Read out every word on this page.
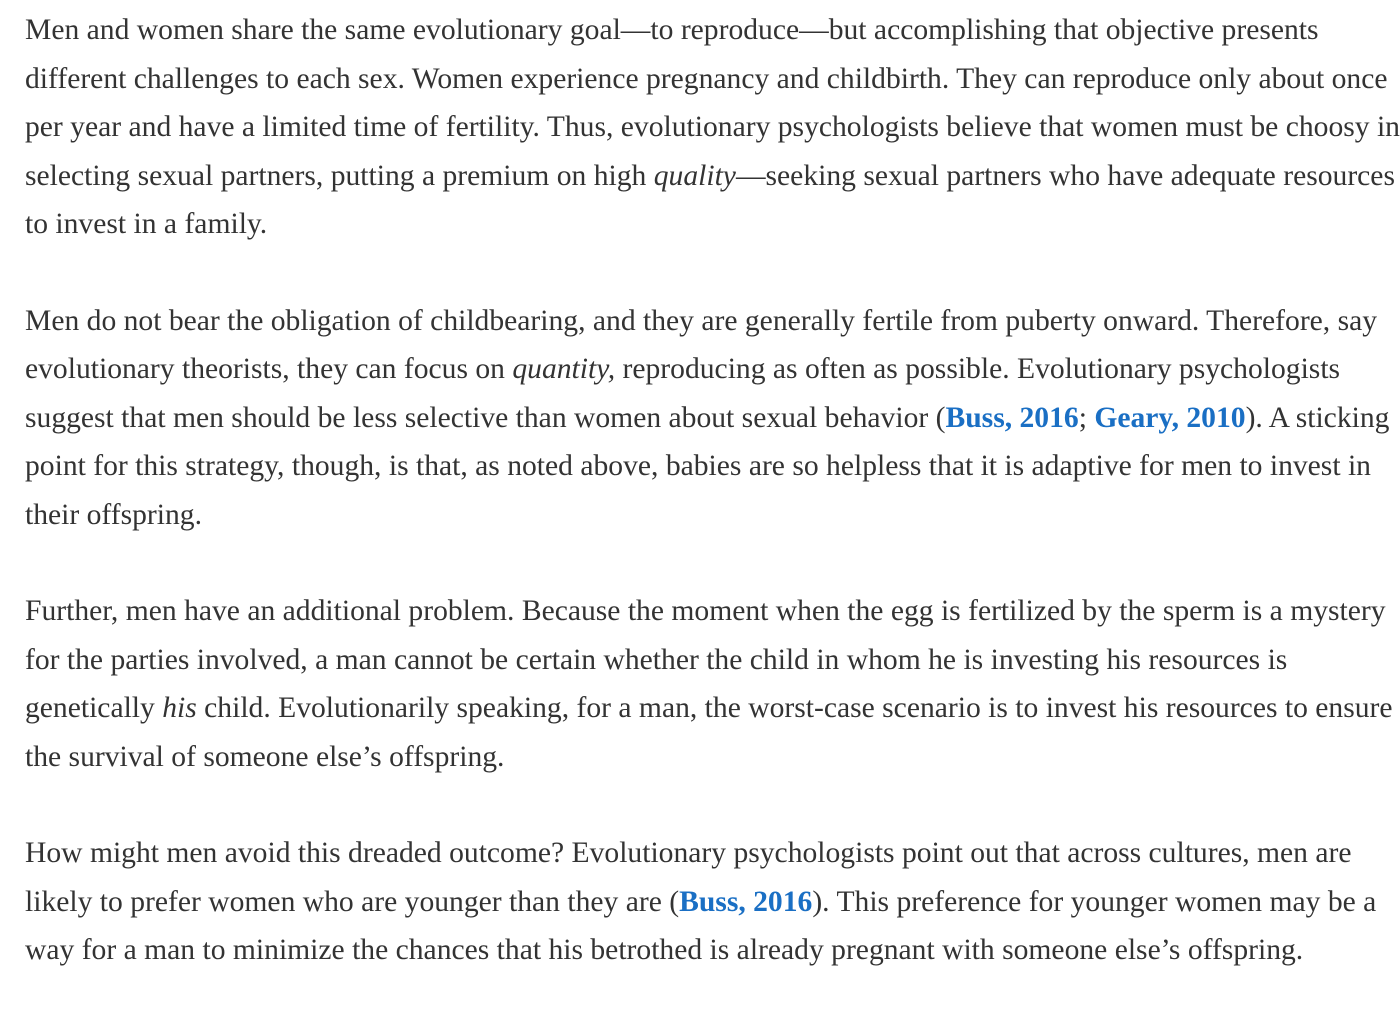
Men and women share the same evolutionary goal—to reproduce—but accomplishing that objective presents different challenges to each sex. Women experience pregnancy and childbirth. They can reproduce only about once per year and have a limited time of fertility. Thus, evolutionary psychologists believe that women must be choosy in selecting sexual partners, putting a premium on high quality—seeking sexual partners who have adequate resources to invest in a family.

Men do not bear the obligation of childbearing, and they are generally fertile from puberty onward. Therefore, say evolutionary theorists, they can focus on quantity, reproducing as often as possible. Evolutionary psychologists suggest that men should be less selective than women about sexual behavior (Buss, 2016; Geary, 2010). A sticking point for this strategy, though, is that, as noted above, babies are so helpless that it is adaptive for men to invest in their offspring.

Further, men have an additional problem. Because the moment when the egg is fertilized by the sperm is a mystery for the parties involved, a man cannot be certain whether the child in whom he is investing his resources is genetically his child. Evolutionarily speaking, for a man, the worst-case scenario is to invest his resources to ensure the survival of someone else’s offspring.

How might men avoid this dreaded outcome? Evolutionary psychologists point out that across cultures, men are likely to prefer women who are younger than they are (Buss, 2016). This preference for younger women may be a way for a man to minimize the chances that his betrothed is already pregnant with someone else’s offspring.
